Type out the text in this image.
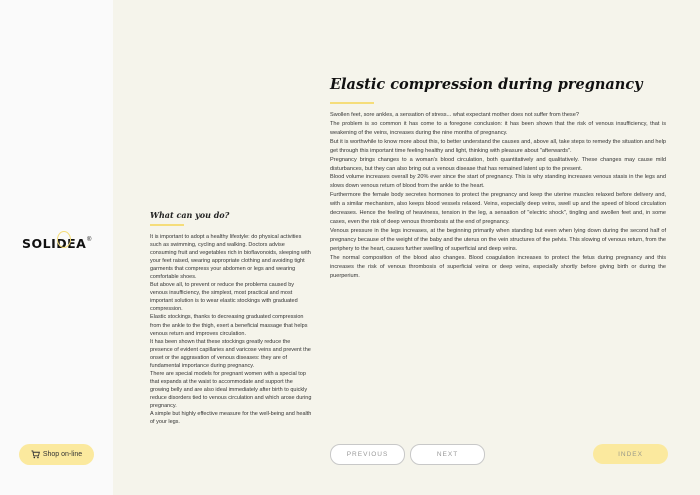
SOLIDEA ®
Shop on-line
What can you do?

It is important to adopt a healthy lifestyle: do physical activities such as swimming, cycling and walking. Doctors advise consuming fruit and vegetables rich in bioflavonoids, sleeping with your feet raised, wearing appropriate clothing and avoiding tight garments that compress your abdomen or legs and wearing comfortable shoes.

But above all, to prevent or reduce the problems caused by venous insufficiency, the simplest, most practical and most important solution is to wear elastic stockings with graduated compression.

Elastic stockings, thanks to decreasing graduated compression from the ankle to the thigh, exert a beneficial massage that helps venous return and improves circulation.

It has been shown that these stockings greatly reduce the presence of evident capillaries and varicose veins and prevent the onset or the aggravation of venous diseases: they are of fundamental importance during pregnancy.

There are special models for pregnant women with a special top that expands at the waist to accommodate and support the growing belly and are also ideal immediately after birth to quickly reduce disorders tied to venous circulation and which arose during pregnancy.

A simple but highly effective measure for the well-being and health of your legs.

Elastic compression during pregnancy

Swollen feet, sore ankles, a sensation of stress... what expectant mother does not suffer from these?

The problem is so common it has come to a foregone conclusion: it has been shown that the risk of venous insufficiency, that is weakening of the veins, increases during the nine months of pregnancy.

But it is worthwhile to know more about this, to better understand the causes and, above all, take steps to remedy the situation and help get through this important time feeling healthy and light, thinking with pleasure about "afterwards".

Pregnancy brings changes to a woman's blood circulation, both quantitatively and qualitatively. These changes may cause mild disturbances, but they can also bring out a venous disease that has remained latent up to the present.

Blood volume increases overall by 20% ever since the start of pregnancy. This is why standing increases venous stasis in the legs and slows down venous return of blood from the ankle to the heart.

Furthermore the female body secretes hormones to protect the pregnancy and keep the uterine muscles relaxed before delivery and, with a similar mechanism, also keeps blood vessels relaxed. Veins, especially deep veins, swell up and the speed of blood circulation decreases. Hence the feeling of heaviness, tension in the leg, a sensation of "electric shock", tingling and swollen feet and, in some cases, even the risk of deep venous thrombosis at the end of pregnancy.

Venous pressure in the legs increases, at the beginning primarily when standing but even when lying down during the second half of pregnancy because of the weight of the baby and the uterus on the vein structures of the pelvis. This slowing of venous return, from the periphery to the heart, causes further swelling of superficial and deep veins.

The normal composition of the blood also changes. Blood coagulation increases to protect the fetus during pregnancy and this increases the risk of venous thrombosis of superficial veins or deep veins, especially shortly before giving birth or during the puerperium.

PREVIOUS	NEXT	INDEX
